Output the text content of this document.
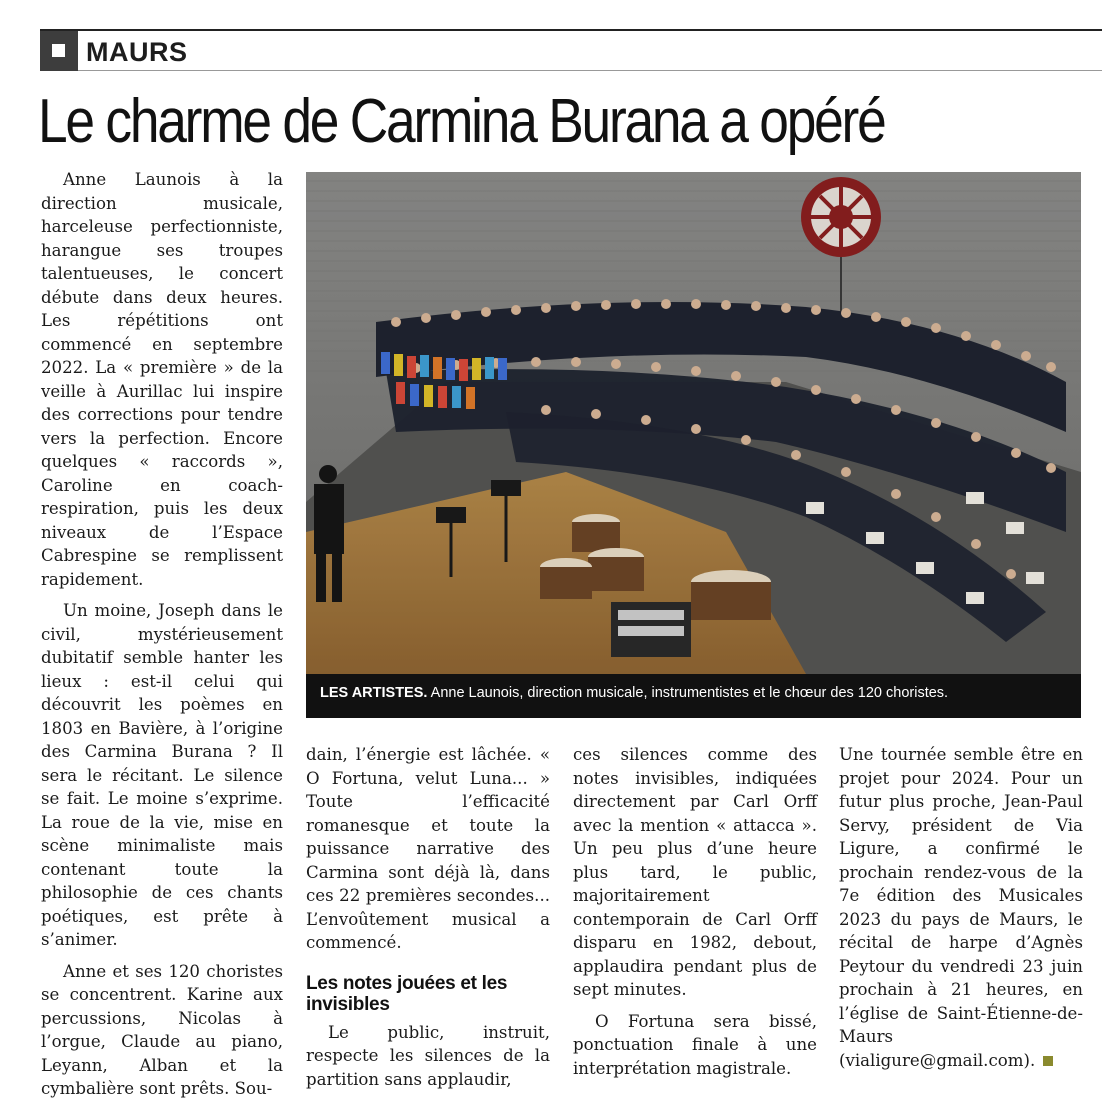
MAURS
Le charme de Carmina Burana a opéré

Anne Launois à la direction musicale, harceleuse perfectionniste, harangue ses troupes talentueuses, le concert débute dans deux heures. Les répétitions ont commencé en septembre 2022. La « première » de la veille à Aurillac lui inspire des corrections pour tendre vers la perfection. Encore quelques « raccords », Caroline en coach-respiration, puis les deux niveaux de l’Espace Cabrespine se remplissent rapidement.

Un moine, Joseph dans le civil, mystérieusement dubitatif semble hanter les lieux : est-il celui qui découvrit les poèmes en 1803 en Bavière, à l’origine des Carmina Burana ? Il sera le récitant. Le silence se fait. Le moine s’exprime. La roue de la vie, mise en scène minimaliste mais contenant toute la philosophie de ces chants poétiques, est prête à s’animer.

Anne et ses 120 choristes se concentrent. Karine aux percussions, Nicolas à l’orgue, Claude au piano, Leyann, Alban et la cymbalière sont prêts. Sou-

LES ARTISTES. Anne Launois, direction musicale, instrumentistes et le chœur des 120 choristes.

dain, l’énergie est lâchée. « O Fortuna, velut Luna... » Toute l’efficacité romanesque et toute la puissance narrative des Carmina sont déjà là, dans ces 22 premières secondes... L’envoûtement musical a commencé.

Les notes jouées et les invisibles

Le public, instruit, respecte les silences de la partition sans applaudir,

ces silences comme des notes invisibles, indiquées directement par Carl Orff avec la mention « attacca ». Un peu plus d’une heure plus tard, le public, majoritairement contemporain de Carl Orff disparu en 1982, debout, applaudira pendant plus de sept minutes.

O Fortuna sera bissé, ponctuation finale à une interprétation magistrale.

Une tournée semble être en projet pour 2024. Pour un futur plus proche, Jean-Paul Servy, président de Via Ligure, a confirmé le prochain rendez-vous de la 7e édition des Musicales 2023 du pays de Maurs, le récital de harpe d’Agnès Peytour du vendredi 23 juin prochain à 21 heures, en l’église de Saint-Étienne-de-Maurs (vialigure@gmail.com).
